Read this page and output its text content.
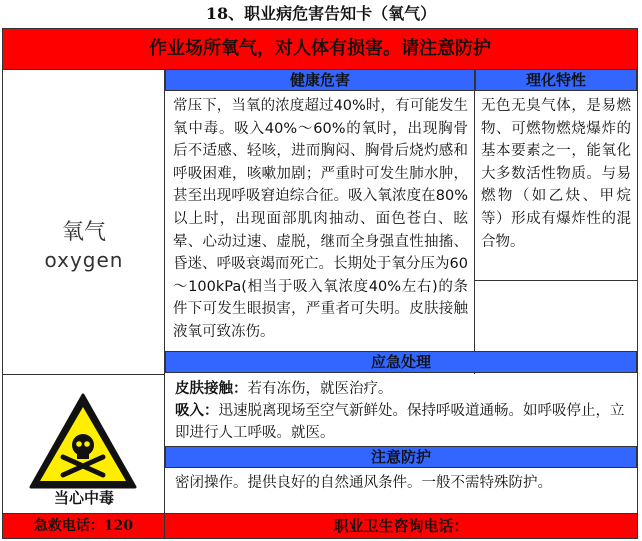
18、职业病危害告知卡（氧气）
作业场所氧气，对人体有损害。请注意防护
氧气
oxygen
健康危害	理化特性
常压下，当氧的浓度超过40%时，有可能发生氧中毒。吸入40%～60%的氧时，出现胸骨后不适感、轻咳，进而胸闷、胸骨后烧灼感和呼吸困难，咳嗽加剧；严重时可发生肺水肿，甚至出现呼吸窘迫综合征。吸入氧浓度在80%以上时，出现面部肌肉抽动、面色苍白、眩晕、心动过速、虚脱，继而全身强直性抽搐、昏迷、呼吸衰竭而死亡。长期处于氧分压为60～100kPa(相当于吸入氧浓度40%左右)的条件下可发生眼损害，严重者可失明。皮肤接触液氧可致冻伤。
无色无臭气体，是易燃物、可燃物燃烧爆炸的基本要素之一，能氧化大多数活性物质。与易燃物（如乙炔、甲烷等）形成有爆炸性的混合物。
应急处理
当心中毒
皮肤接触：若有冻伤，就医治疗。
吸入：迅速脱离现场至空气新鲜处。保持呼吸道通畅。如呼吸停止，立即进行人工呼吸。就医。
注意防护
密闭操作。提供良好的自然通风条件。一般不需特殊防护。
急救电话：120	职业卫生咨询电话：
